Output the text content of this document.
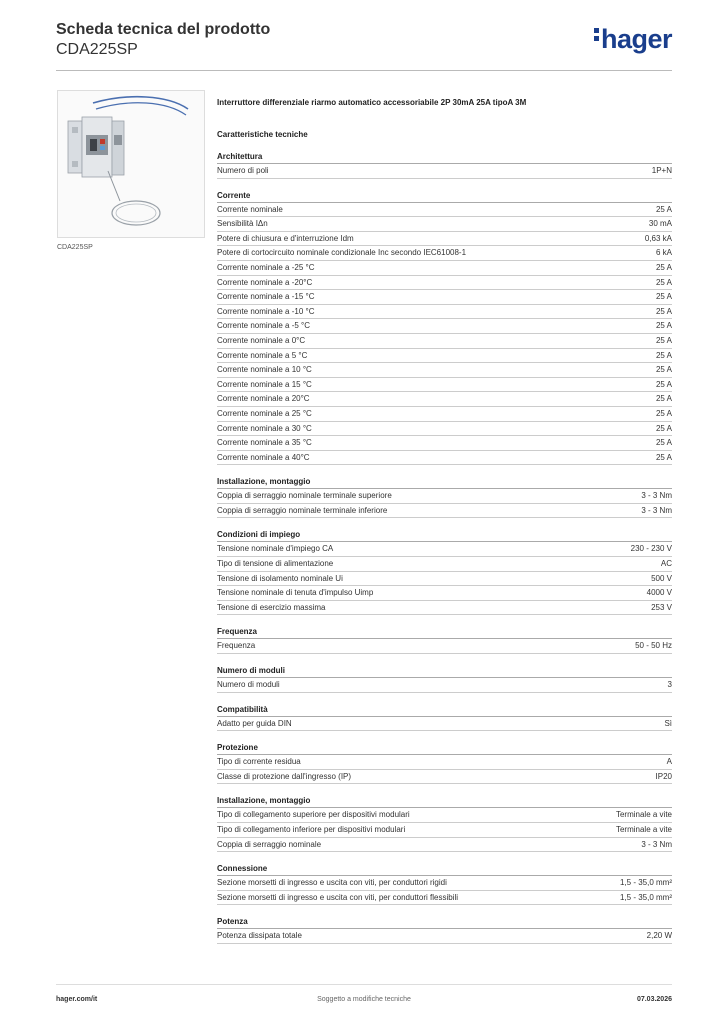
Scheda tecnica del prodotto
CDA225SP	hager
CDA225SP
Interruttore differenziale riarmo automatico accessoriabile 2P 30mA 25A tipoA 3M
Caratteristiche tecniche
Architettura
Numero di poli	1P+N
Corrente
Corrente nominale	25 A
Sensibilità IΔn	30 mA
Potere di chiusura e d'interruzione Idm	0,63 kA
Potere di cortocircuito nominale condizionale Inc secondo IEC61008-1	6 kA
Corrente nominale a -25 °C	25 A
Corrente nominale a -20°C	25 A
Corrente nominale a -15 °C	25 A
Corrente nominale a -10 °C	25 A
Corrente nominale a -5 °C	25 A
Corrente nominale a 0°C	25 A
Corrente nominale a 5 °C	25 A
Corrente nominale a 10 °C	25 A
Corrente nominale a 15 °C	25 A
Corrente nominale a 20°C	25 A
Corrente nominale a 25 °C	25 A
Corrente nominale a 30 °C	25 A
Corrente nominale a 35 °C	25 A
Corrente nominale a 40°C	25 A
Installazione, montaggio
Coppia di serraggio nominale terminale superiore	3 - 3 Nm
Coppia di serraggio nominale terminale inferiore	3 - 3 Nm
Condizioni di impiego
Tensione nominale d'impiego CA	230 - 230 V
Tipo di tensione di alimentazione	AC
Tensione di isolamento nominale Ui	500 V
Tensione nominale di tenuta d'impulso Uimp	4000 V
Tensione di esercizio massima	253 V
Frequenza
Frequenza	50 - 50 Hz
Numero di moduli
Numero di moduli	3
Compatibilità
Adatto per guida DIN	Sì
Protezione
Tipo di corrente residua	A
Classe di protezione dall'ingresso (IP)	IP20
Installazione, montaggio
Tipo di collegamento superiore per dispositivi modulari	Terminale a vite
Tipo di collegamento inferiore per dispositivi modulari	Terminale a vite
Coppia di serraggio nominale	3 - 3 Nm
Connessione
Sezione morsetti di ingresso e uscita con viti, per conduttori rigidi	1,5 - 35,0 mm²
Sezione morsetti di ingresso e uscita con viti, per conduttori flessibili	1,5 - 35,0 mm²
Potenza
Potenza dissipata totale	2,20 W
hager.com/it	Soggetto a modifiche tecniche	07.03.2026
